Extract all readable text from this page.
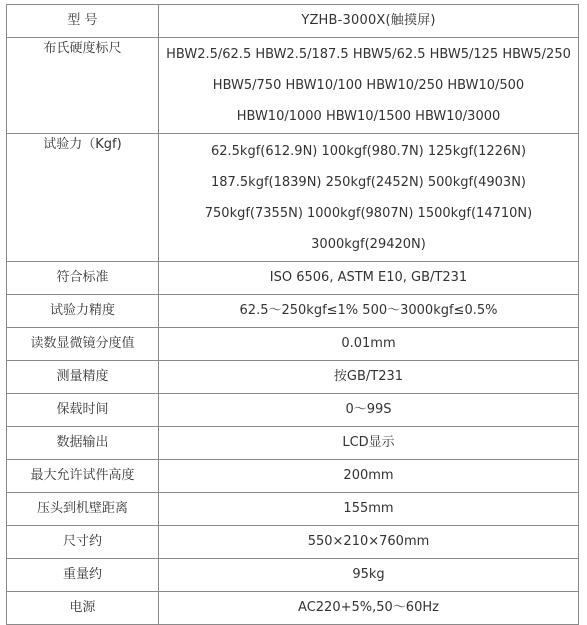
型 号	YZHB-3000X(触摸屏)
布氏硬度标尺	HBW2.5/62.5 HBW2.5/187.5 HBW5/62.5 HBW5/125 HBW5/250
HBW5/750 HBW10/100 HBW10/250 HBW10/500
HBW10/1000 HBW10/1500 HBW10/3000

试验力（Kgf)	62.5kgf(612.9N) 100kgf(980.7N) 125kgf(1226N)
187.5kgf(1839N) 250kgf(2452N) 500kgf(4903N)
750kgf(7355N) 1000kgf(9807N) 1500kgf(14710N)
3000kgf(29420N)

符合标准	ISO 6506, ASTM E10, GB/T231
试验力精度	62.5～250kgf≤1% 500～3000kgf≤0.5%
读数显微镜分度值	0.01mm
测量精度	按GB/T231
保载时间	0～99S
数据输出	LCD显示
最大允许试件高度	200mm
压头到机壁距离	155mm
尺寸约	550×210×760mm
重量约	95kg
电源	AC220+5%,50～60Hz
